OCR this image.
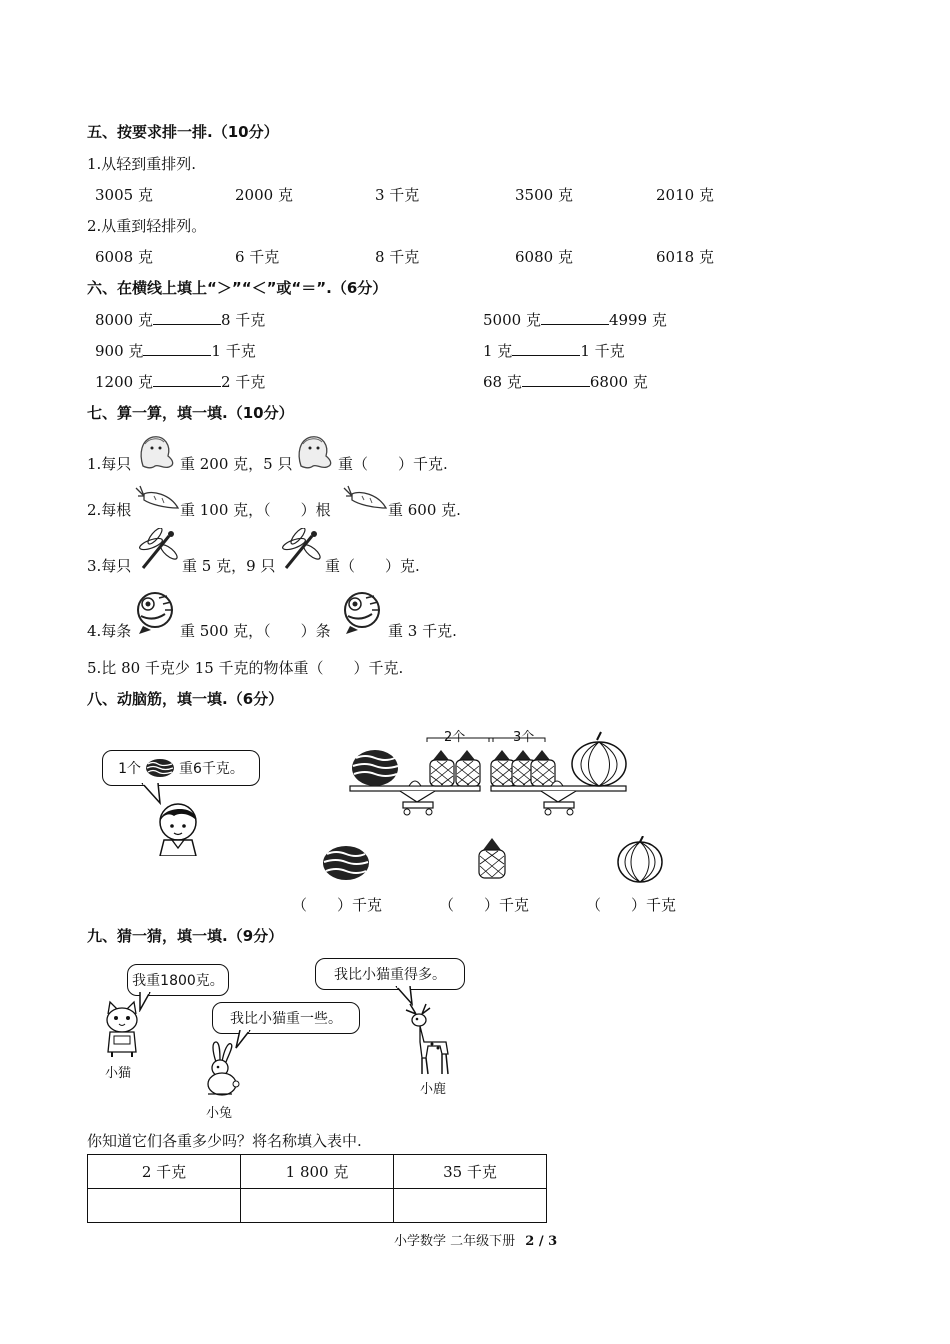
五、按要求排一排.（10分）
1.从轻到重排列.
3005 克	2000 克	3 千克	3500 克	2010 克
2.从重到轻排列。
6008 克	6 千克	8 千克	6080 克	6018 克
六、在横线上填上“＞”“＜”或“＝”.（6分）
8000 克	8 千克	5000 克	4999 克
900 克	1 千克	1 克	1 千克
1200 克	2 千克	68 克	6800 克
七、算一算，填一填.（10分）
1.每只	重 200 克，5 只	重（　　）千克.
2.每根	重 100 克，（　　）根	重 600 克.
3.每只	重 5 克，9 只	重（　　）克.
4.每条	重 500 克，（　　）条	重 3 千克.
5.比 80 千克少 15 千克的物体重（　　）千克.
八、动脑筋，填一填.（6分）
1个	重6千克。
2个	3个
（　　）千克	（　　）千克	（　　）千克
九、猜一猜，填一填.（9分）
我重1800克。	我比小猫重得多。
我比小猫重一些。
小猫
小兔
小鹿
你知道它们各重多少吗？将名称填入表中.
2 千克	1 800 克	35 千克

小学数学 二年级下册 2 / 3
